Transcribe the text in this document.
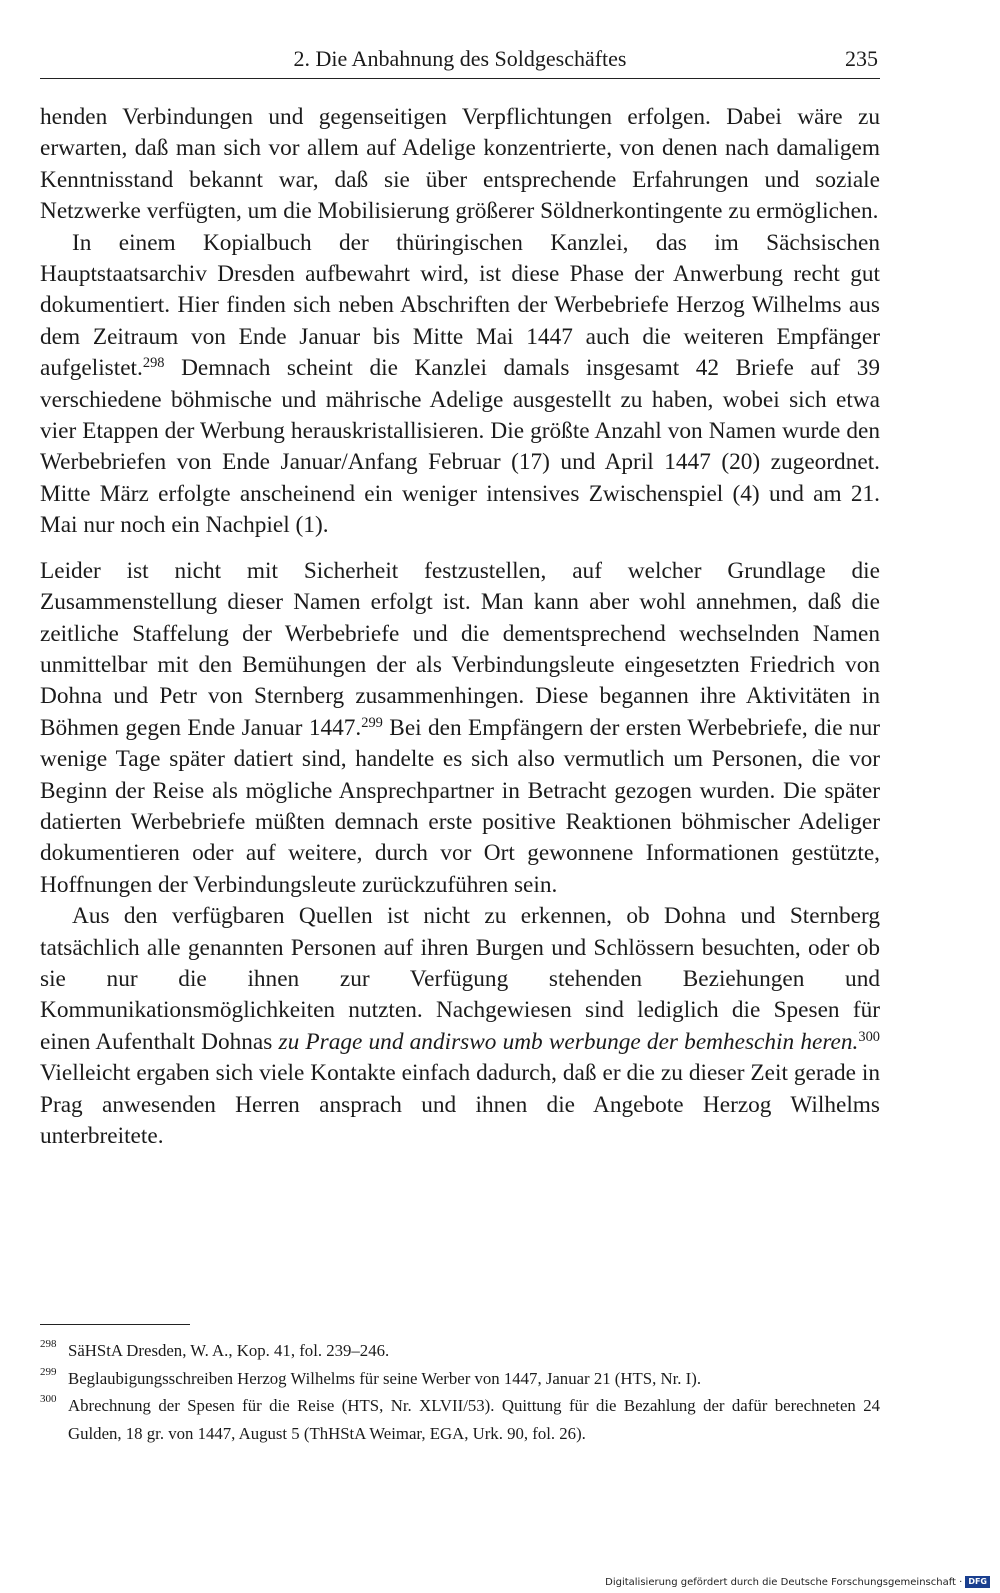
2. Die Anbahnung des Soldgeschäftes	235

henden Verbindungen und gegenseitigen Verpflichtungen erfolgen. Dabei wäre zu erwarten, daß man sich vor allem auf Adelige konzentrierte, von denen nach damaligem Kenntnisstand bekannt war, daß sie über entsprechende Erfahrungen und soziale Netzwerke verfügten, um die Mobilisierung größerer Söldnerkontingente zu ermöglichen.

In einem Kopialbuch der thüringischen Kanzlei, das im Sächsischen Hauptstaatsarchiv Dresden aufbewahrt wird, ist diese Phase der Anwerbung recht gut dokumentiert. Hier finden sich neben Abschriften der Werbebriefe Herzog Wilhelms aus dem Zeitraum von Ende Januar bis Mitte Mai 1447 auch die weiteren Empfänger aufgelistet.$^{298}$ Demnach scheint die Kanzlei damals insgesamt 42 Briefe auf 39 verschiedene böhmische und mährische Adelige ausgestellt zu haben, wobei sich etwa vier Etappen der Werbung herauskristallisieren. Die größte Anzahl von Namen wurde den Werbebriefen von Ende Januar/Anfang Februar (17) und April 1447 (20) zugeordnet. Mitte März erfolgte anscheinend ein weniger intensives Zwischenspiel (4) und am 21. Mai nur noch ein Nachpiel (1).

Leider ist nicht mit Sicherheit festzustellen, auf welcher Grundlage die Zusammenstellung dieser Namen erfolgt ist. Man kann aber wohl annehmen, daß die zeitliche Staffelung der Werbebriefe und die dementsprechend wechselnden Namen unmittelbar mit den Bemühungen der als Verbindungsleute eingesetzten Friedrich von Dohna und Petr von Sternberg zusammenhingen. Diese begannen ihre Aktivitäten in Böhmen gegen Ende Januar 1447.$^{299}$ Bei den Empfängern der ersten Werbebriefe, die nur wenige Tage später datiert sind, handelte es sich also vermutlich um Personen, die vor Beginn der Reise als mögliche Ansprechpartner in Betracht gezogen wurden. Die später datierten Werbebriefe müßten demnach erste positive Reaktionen böhmischer Adeliger dokumentieren oder auf weitere, durch vor Ort gewonnene Informationen gestützte, Hoffnungen der Verbindungsleute zurückzuführen sein.

Aus den verfügbaren Quellen ist nicht zu erkennen, ob Dohna und Sternberg tatsächlich alle genannten Personen auf ihren Burgen und Schlössern besuchten, oder ob sie nur die ihnen zur Verfügung stehenden Beziehungen und Kommunikationsmöglichkeiten nutzten. Nachgewiesen sind lediglich die Spesen für einen Aufenthalt Dohnas zu Prage und andirswo umb werbunge der bemheschin heren.$^{300}$ Vielleicht ergaben sich viele Kontakte einfach dadurch, daß er die zu dieser Zeit gerade in Prag anwesenden Herren ansprach und ihnen die Angebote Herzog Wilhelms unterbreitete.

298 SäHStA Dresden, W. A., Kop. 41, fol. 239–246.
299 Beglaubigungsschreiben Herzog Wilhelms für seine Werber von 1447, Januar 21 (HTS, Nr. I).
300 Abrechnung der Spesen für die Reise (HTS, Nr. XLVII/53). Quittung für die Bezahlung der dafür berechneten 24 Gulden, 18 gr. von 1447, August 5 (ThHStA Weimar, EGA, Urk. 90, fol. 26).
Digitalisierung gefördert durch die Deutsche Forschungsgemeinschaft · DFG
